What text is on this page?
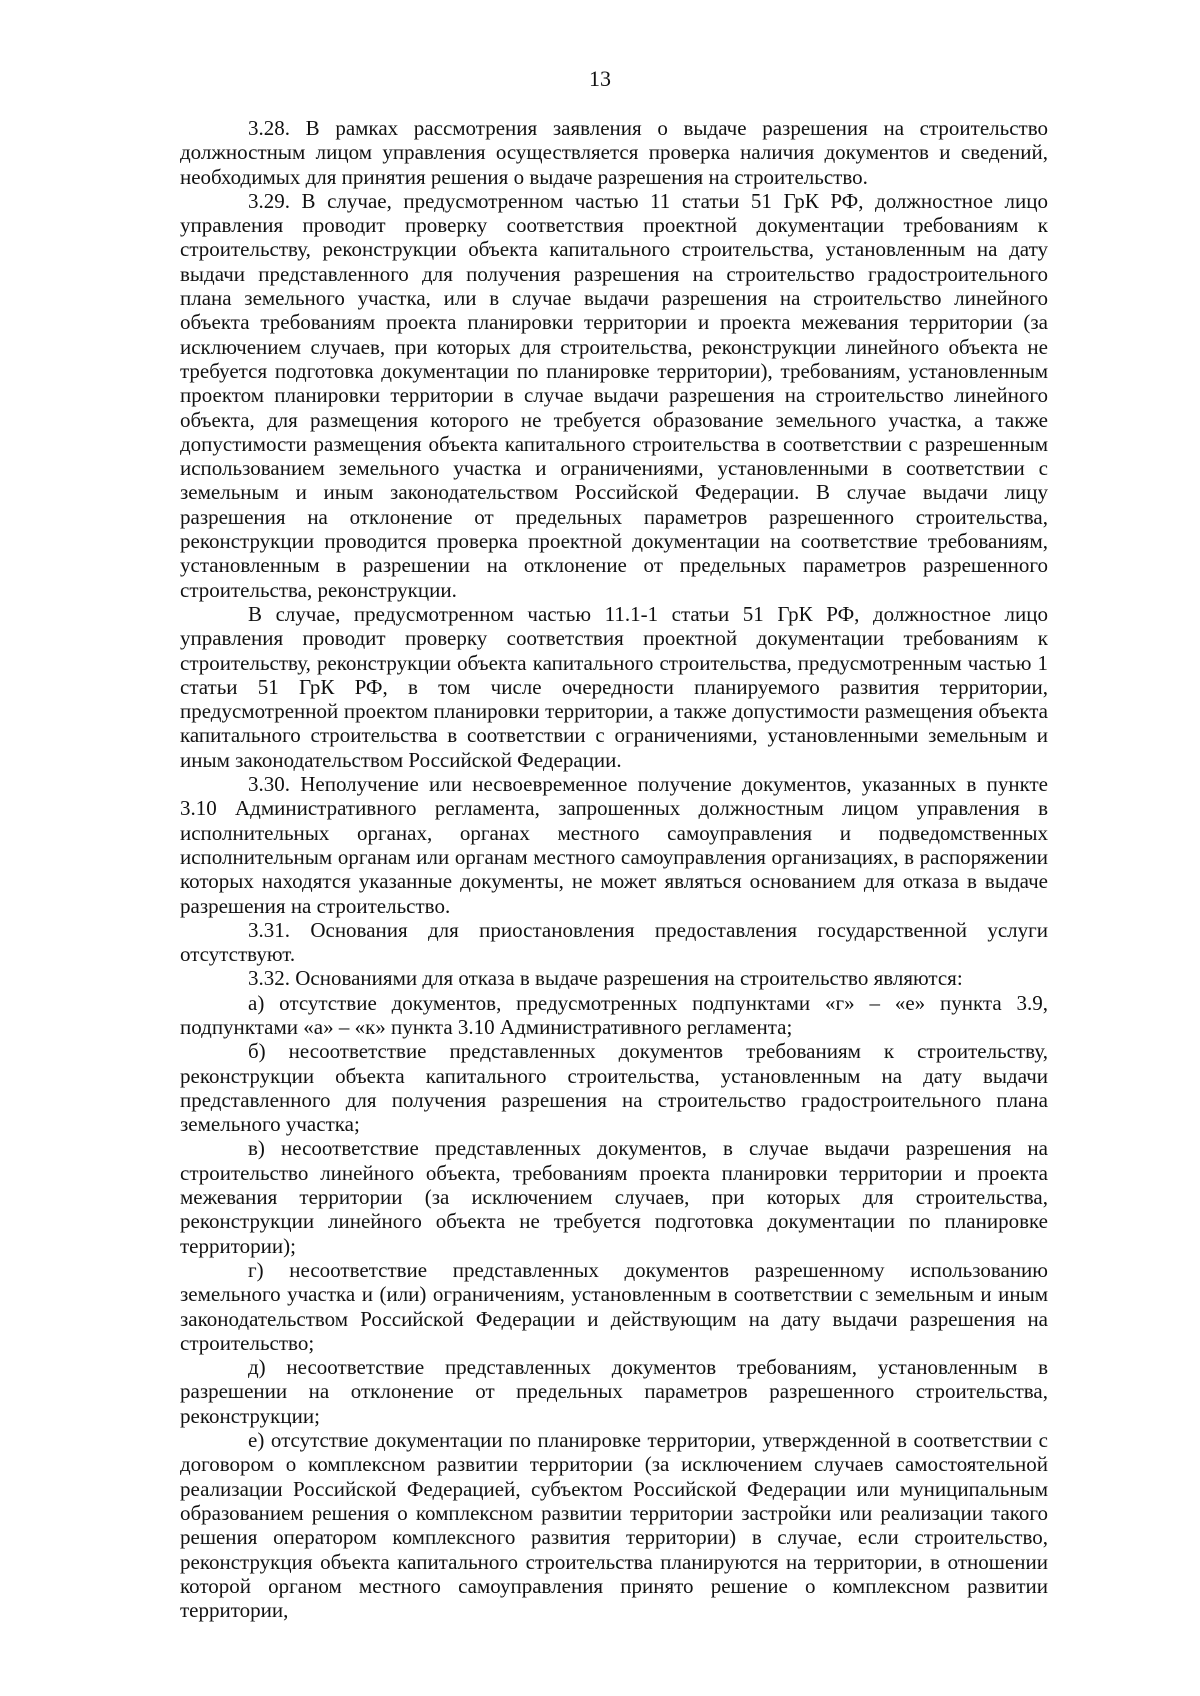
13

3.28. В рамках рассмотрения заявления о выдаче разрешения на строительство должностным лицом управления осуществляется проверка наличия документов и сведений, необходимых для принятия решения о выдаче разрешения на строительство.

3.29. В случае, предусмотренном частью 11 статьи 51 ГрК РФ, должностное лицо управления проводит проверку соответствия проектной документации требованиям к строительству, реконструкции объекта капитального строительства, установленным на дату выдачи представленного для получения разрешения на строительство градостроительного плана земельного участка, или в случае выдачи разрешения на строительство линейного объекта требованиям проекта планировки территории и проекта межевания территории (за исключением случаев, при которых для строительства, реконструкции линейного объекта не требуется подготовка документации по планировке территории), требованиям, установленным проектом планировки территории в случае выдачи разрешения на строительство линейного объекта, для размещения которого не требуется образование земельного участка, а также допустимости размещения объекта капитального строительства в соответствии с разрешенным использованием земельного участка и ограничениями, установленными в соответствии с земельным и иным законодательством Российской Федерации. В случае выдачи лицу разрешения на отклонение от предельных параметров разрешенного строительства, реконструкции проводится проверка проектной документации на соответствие требованиям, установленным в разрешении на отклонение от предельных параметров разрешенного строительства, реконструкции.

В случае, предусмотренном частью 11.1-1 статьи 51 ГрК РФ, должностное лицо управления проводит проверку соответствия проектной документации требованиям к строительству, реконструкции объекта капитального строительства, предусмотренным частью 1 статьи 51 ГрК РФ, в том числе очередности планируемого развития территории, предусмотренной проектом планировки территории, а также допустимости размещения объекта капитального строительства в соответствии с ограничениями, установленными земельным и иным законодательством Российской Федерации.

3.30. Неполучение или несвоевременное получение документов, указанных в пункте 3.10 Административного регламента, запрошенных должностным лицом управления в исполнительных органах, органах местного самоуправления и подведомственных исполнительным органам или органам местного самоуправления организациях, в распоряжении которых находятся указанные документы, не может являться основанием для отказа в выдаче разрешения на строительство.

3.31. Основания для приостановления предоставления государственной услуги отсутствуют.

3.32. Основаниями для отказа в выдаче разрешения на строительство являются:

а) отсутствие документов, предусмотренных подпунктами «г» – «е» пункта 3.9, подпунктами «а» – «к» пункта 3.10 Административного регламента;

б) несоответствие представленных документов требованиям к строительству, реконструкции объекта капитального строительства, установленным на дату выдачи представленного для получения разрешения на строительство градостроительного плана земельного участка;

в) несоответствие представленных документов, в случае выдачи разрешения на строительство линейного объекта, требованиям проекта планировки территории и проекта межевания территории (за исключением случаев, при которых для строительства, реконструкции линейного объекта не требуется подготовка документации по планировке территории);

г) несоответствие представленных документов разрешенному использованию земельного участка и (или) ограничениям, установленным в соответствии с земельным и иным законодательством Российской Федерации и действующим на дату выдачи разрешения на строительство;

д) несоответствие представленных документов требованиям, установленным в разрешении на отклонение от предельных параметров разрешенного строительства, реконструкции;

е) отсутствие документации по планировке территории, утвержденной в соответствии с договором о комплексном развитии территории (за исключением случаев самостоятельной реализации Российской Федерацией, субъектом Российской Федерации или муниципальным образованием решения о комплексном развитии территории застройки или реализации такого решения оператором комплексного развития территории) в случае, если строительство, реконструкция объекта капитального строительства планируются на территории, в отношении которой органом местного самоуправления принято решение о комплексном развитии территории,
